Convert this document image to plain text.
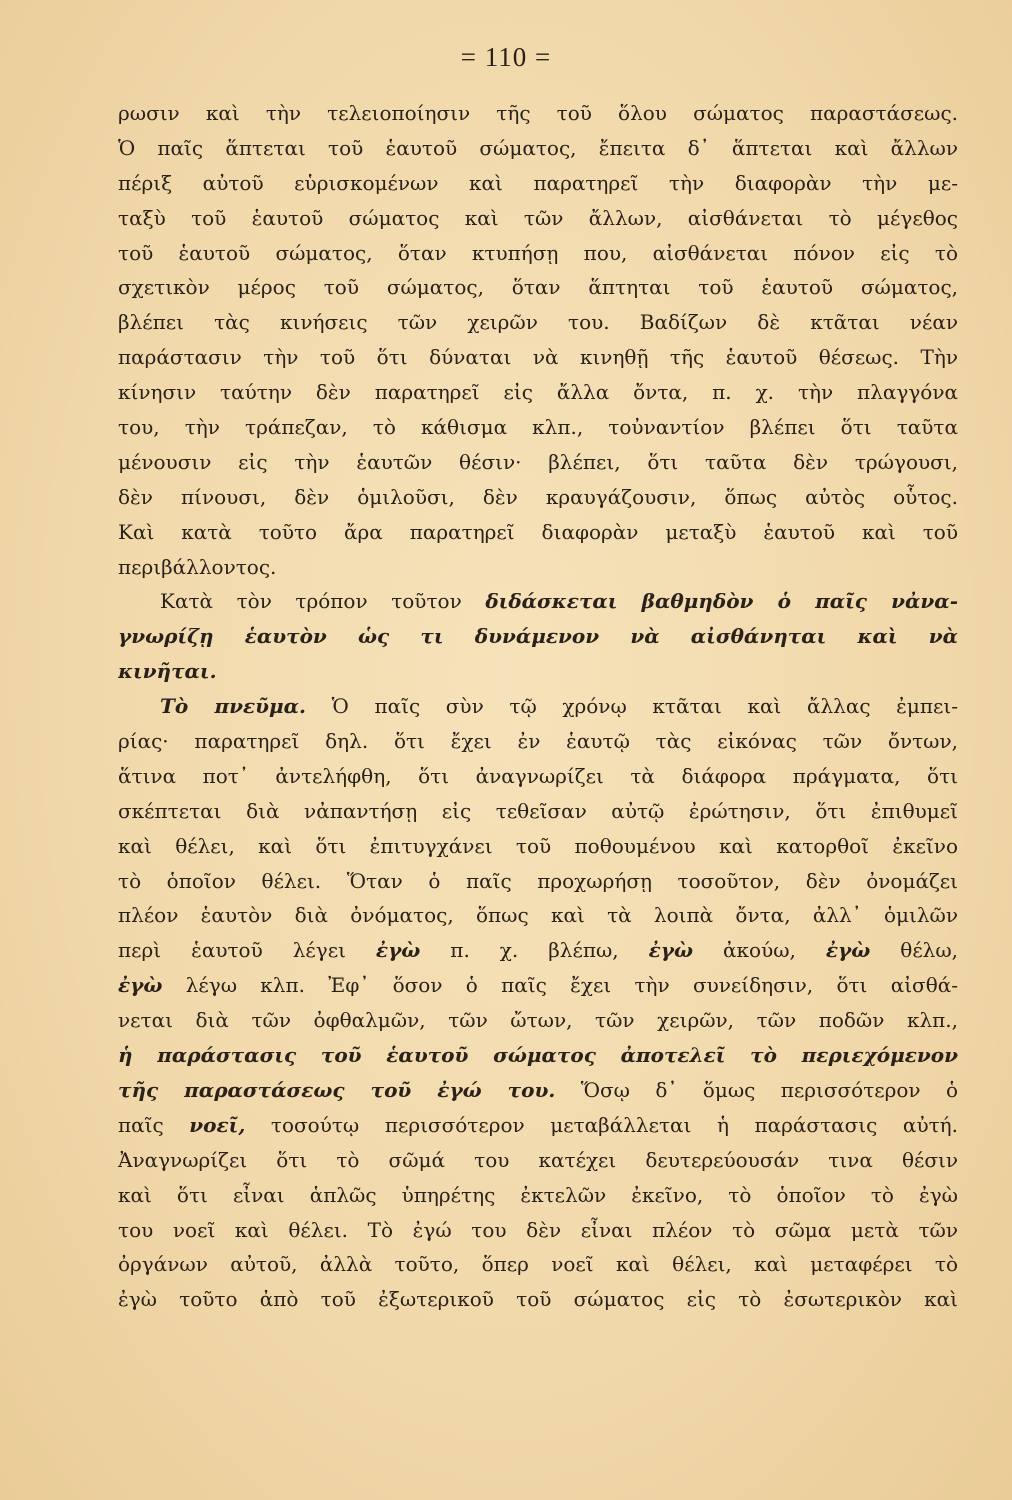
= 110 =
ρωσιν καὶ τὴν τελειοποίησιν τῆς τοῦ ὅλου σώματος παραστάσεως.
Ὁ παῖς ἅπτεται τοῦ ἑαυτοῦ σώματος, ἔπειτα δ᾿ ἅπτεται καὶ ἄλλων
πέριξ αὐτοῦ εὑρισκομένων καὶ παρατηρεῖ τὴν διαφορὰν τὴν με-
ταξὺ τοῦ ἑαυτοῦ σώματος καὶ τῶν ἄλλων, αἰσθάνεται τὸ μέγεθος
τοῦ ἑαυτοῦ σώματος, ὅταν κτυπήσῃ που, αἰσθάνεται πόνον εἰς τὸ
σχετικὸν μέρος τοῦ σώματος, ὅταν ἅπτηται τοῦ ἑαυτοῦ σώματος,
βλέπει τὰς κινήσεις τῶν χειρῶν του. Βαδίζων δὲ κτᾶται νέαν
παράστασιν τὴν τοῦ ὅτι δύναται νὰ κινηθῇ τῆς ἑαυτοῦ θέσεως. Τὴν
κίνησιν ταύτην δὲν παρατηρεῖ εἰς ἄλλα ὄντα, π. χ. τὴν πλαγγόνα
του, τὴν τράπεζαν, τὸ κάθισμα κλπ., τοὐναντίον βλέπει ὅτι ταῦτα
μένουσιν εἰς τὴν ἑαυτῶν θέσιν· βλέπει, ὅτι ταῦτα δὲν τρώγουσι,
δὲν πίνουσι, δὲν ὁμιλοῦσι, δὲν κραυγάζουσιν, ὅπως αὐτὸς οὗτος.
Καὶ κατὰ τοῦτο ἄρα παρατηρεῖ διαφορὰν μεταξὺ ἑαυτοῦ καὶ τοῦ
περιβάλλοντος.
Κατὰ τὸν τρόπον τοῦτον διδάσκεται βαθμηδὸν ὁ παῖς νἀνα-
γνωρίζῃ ἑαυτὸν ὡς τι δυνάμενον νὰ αἰσθάνηται καὶ νὰ
κινῆται.
Τὸ πνεῦμα. Ὁ παῖς σὺν τῷ χρόνῳ κτᾶται καὶ ἄλλας ἐμπει-
ρίας· παρατηρεῖ δηλ. ὅτι ἔχει ἐν ἑαυτῷ τὰς εἰκόνας τῶν ὄντων,
ἅτινα ποτ᾿ ἀντελήφθη, ὅτι ἀναγνωρίζει τὰ διάφορα πράγματα, ὅτι
σκέπτεται διὰ νἀπαντήσῃ εἰς τεθεῖσαν αὐτῷ ἐρώτησιν, ὅτι ἐπιθυμεῖ
καὶ θέλει, καὶ ὅτι ἐπιτυγχάνει τοῦ ποθουμένου καὶ κατορθοῖ ἐκεῖνο
τὸ ὁποῖον θέλει. Ὅταν ὁ παῖς προχωρήσῃ τοσοῦτον, δὲν ὀνομάζει
πλέον ἑαυτὸν διὰ ὀνόματος, ὅπως καὶ τὰ λοιπὰ ὄντα, ἀλλ᾿ ὁμιλῶν
περὶ ἑαυτοῦ λέγει ἐγὼ π. χ. βλέπω, ἐγὼ ἀκούω, ἐγὼ θέλω,
ἐγὼ λέγω κλπ. Ἐφ᾿ ὅσον ὁ παῖς ἔχει τὴν συνείδησιν, ὅτι αἰσθά-
νεται διὰ τῶν ὀφθαλμῶν, τῶν ὤτων, τῶν χειρῶν, τῶν ποδῶν κλπ.,
ἡ παράστασις τοῦ ἑαυτοῦ σώματος ἀποτελεῖ τὸ περιεχόμενον
τῆς παραστάσεως τοῦ ἐγώ του. Ὅσῳ δ᾿ ὅμως περισσότερον ὁ
παῖς νοεῖ, τοσούτῳ περισσότερον μεταβάλλεται ἡ παράστασις αὐτή.
Ἀναγνωρίζει ὅτι τὸ σῶμά του κατέχει δευτερεύουσάν τινα θέσιν
καὶ ὅτι εἶναι ἁπλῶς ὑπηρέτης ἐκτελῶν ἐκεῖνο, τὸ ὁποῖον τὸ ἐγὼ
του νοεῖ καὶ θέλει. Τὸ ἐγώ του δὲν εἶναι πλέον τὸ σῶμα μετὰ τῶν
ὀργάνων αὐτοῦ, ἀλλὰ τοῦτο, ὅπερ νοεῖ καὶ θέλει, καὶ μεταφέρει τὸ
ἐγὼ τοῦτο ἀπὸ τοῦ ἐξωτερικοῦ τοῦ σώματος εἰς τὸ ἐσωτερικὸν καὶ
